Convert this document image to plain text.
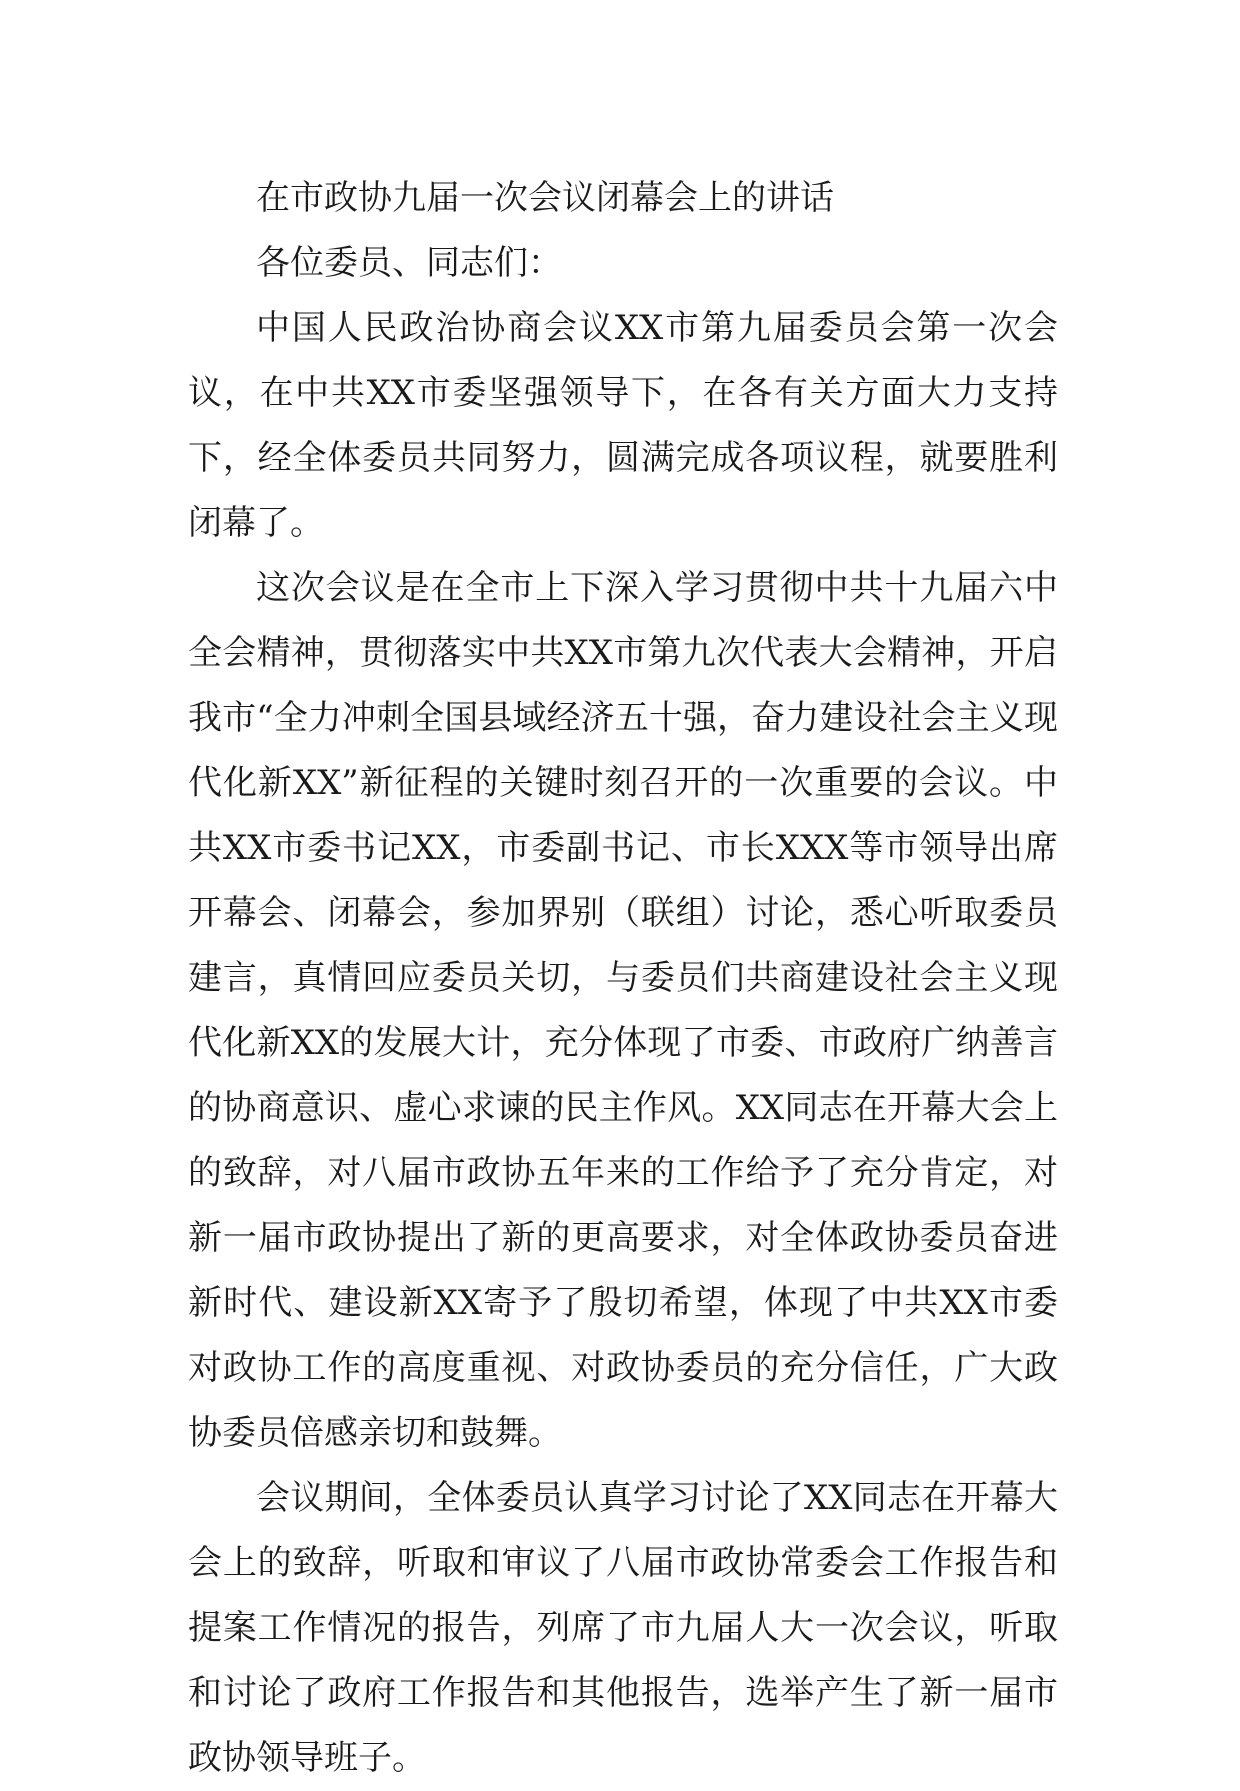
在市政协九届一次会议闭幕会上的讲话

各位委员、同志们：

中国人民政治协商会议XX市第九届委员会第一次会议，在中共XX市委坚强领导下，在各有关方面大力支持下，经全体委员共同努力，圆满完成各项议程，就要胜利闭幕了。

这次会议是在全市上下深入学习贯彻中共十九届六中全会精神，贯彻落实中共XX市第九次代表大会精神，开启我市“全力冲刺全国县域经济五十强，奋力建设社会主义现代化新XX”新征程的关键时刻召开的一次重要的会议。中共XX市委书记XX，市委副书记、市长XXX等市领导出席开幕会、闭幕会，参加界别（联组）讨论，悉心听取委员建言，真情回应委员关切，与委员们共商建设社会主义现代化新XX的发展大计，充分体现了市委、市政府广纳善言的协商意识、虚心求谏的民主作风。XX同志在开幕大会上的致辞，对八届市政协五年来的工作给予了充分肯定，对新一届市政协提出了新的更高要求，对全体政协委员奋进新时代、建设新XX寄予了殷切希望，体现了中共XX市委对政协工作的高度重视、对政协委员的充分信任，广大政协委员倍感亲切和鼓舞。

会议期间，全体委员认真学习讨论了XX同志在开幕大会上的致辞，听取和审议了八届市政协常委会工作报告和提案工作情况的报告，列席了市九届人大一次会议，听取和讨论了政府工作报告和其他报告，选举产生了新一届市政协领导班子。
